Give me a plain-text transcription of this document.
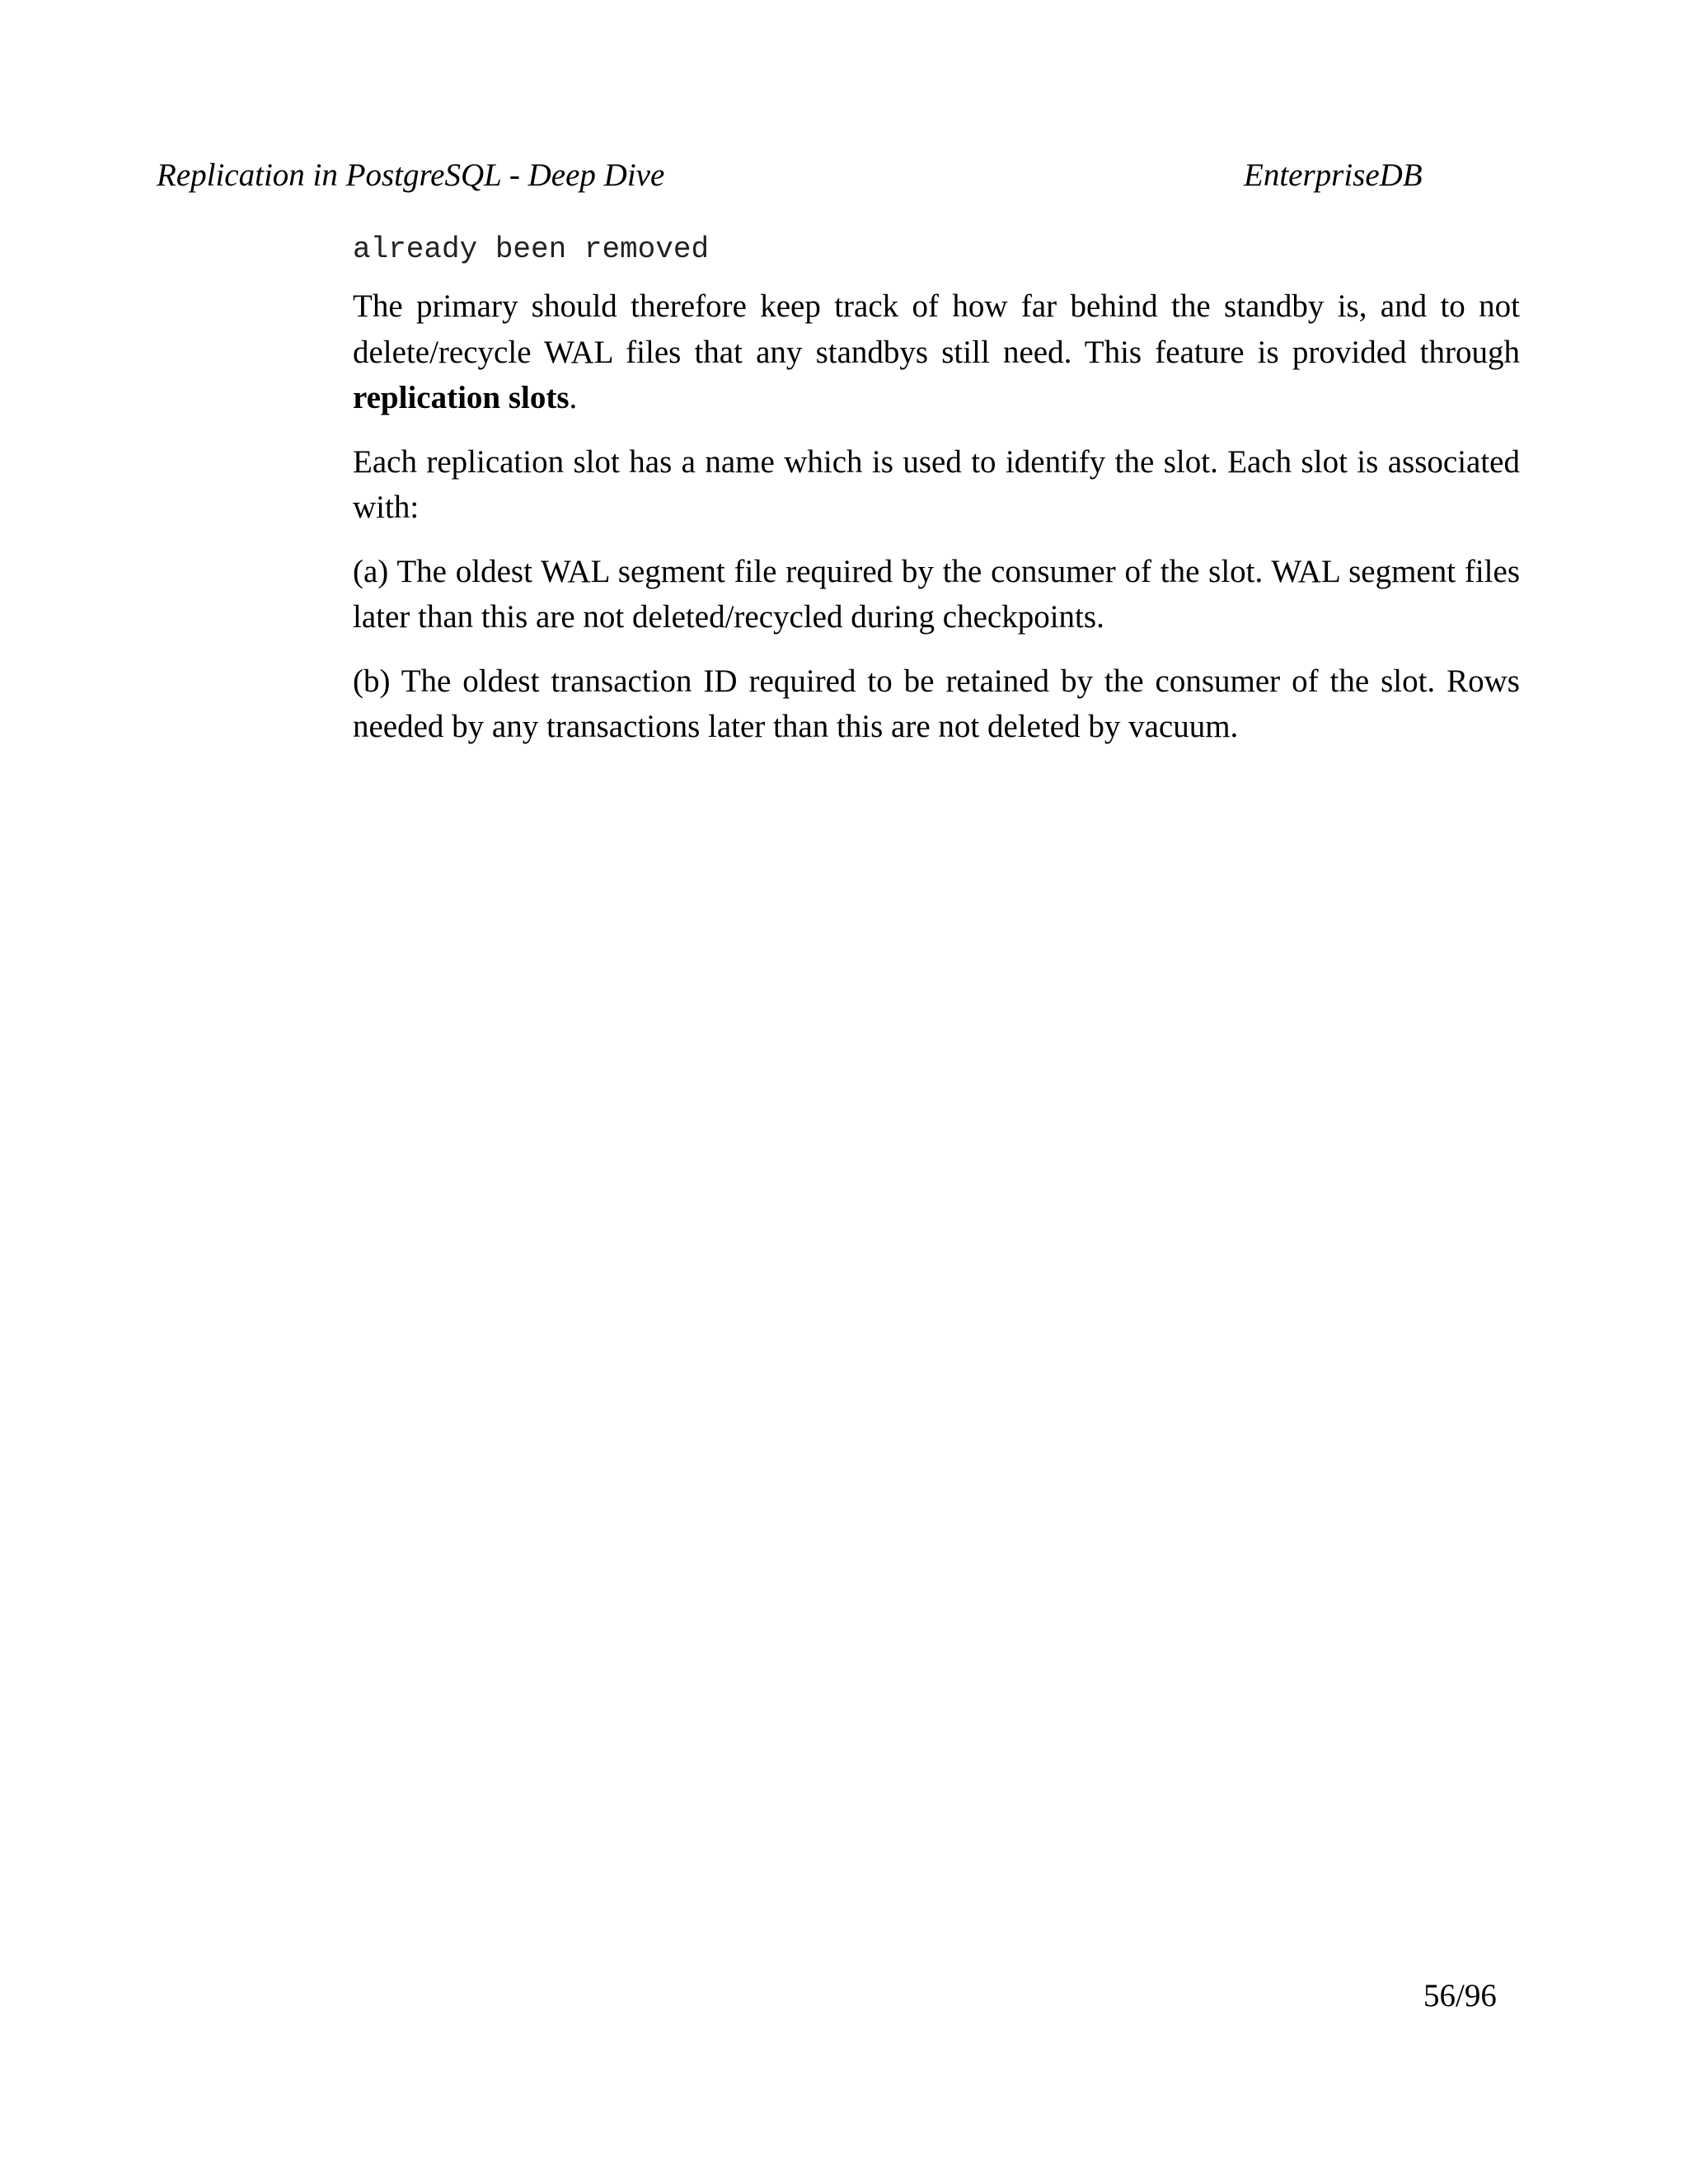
Replication in PostgreSQL - Deep Dive	EnterpriseDB
already been removed

The primary should therefore keep track of how far behind the standby is, and to not delete/recycle WAL files that any standbys still need. This feature is provided through replication slots.

Each replication slot has a name which is used to identify the slot. Each slot is associated with:

(a) The oldest WAL segment file required by the consumer of the slot. WAL segment files later than this are not deleted/recycled during checkpoints.

(b) The oldest transaction ID required to be retained by the consumer of the slot. Rows needed by any transactions later than this are not deleted by vacuum.

56/96
